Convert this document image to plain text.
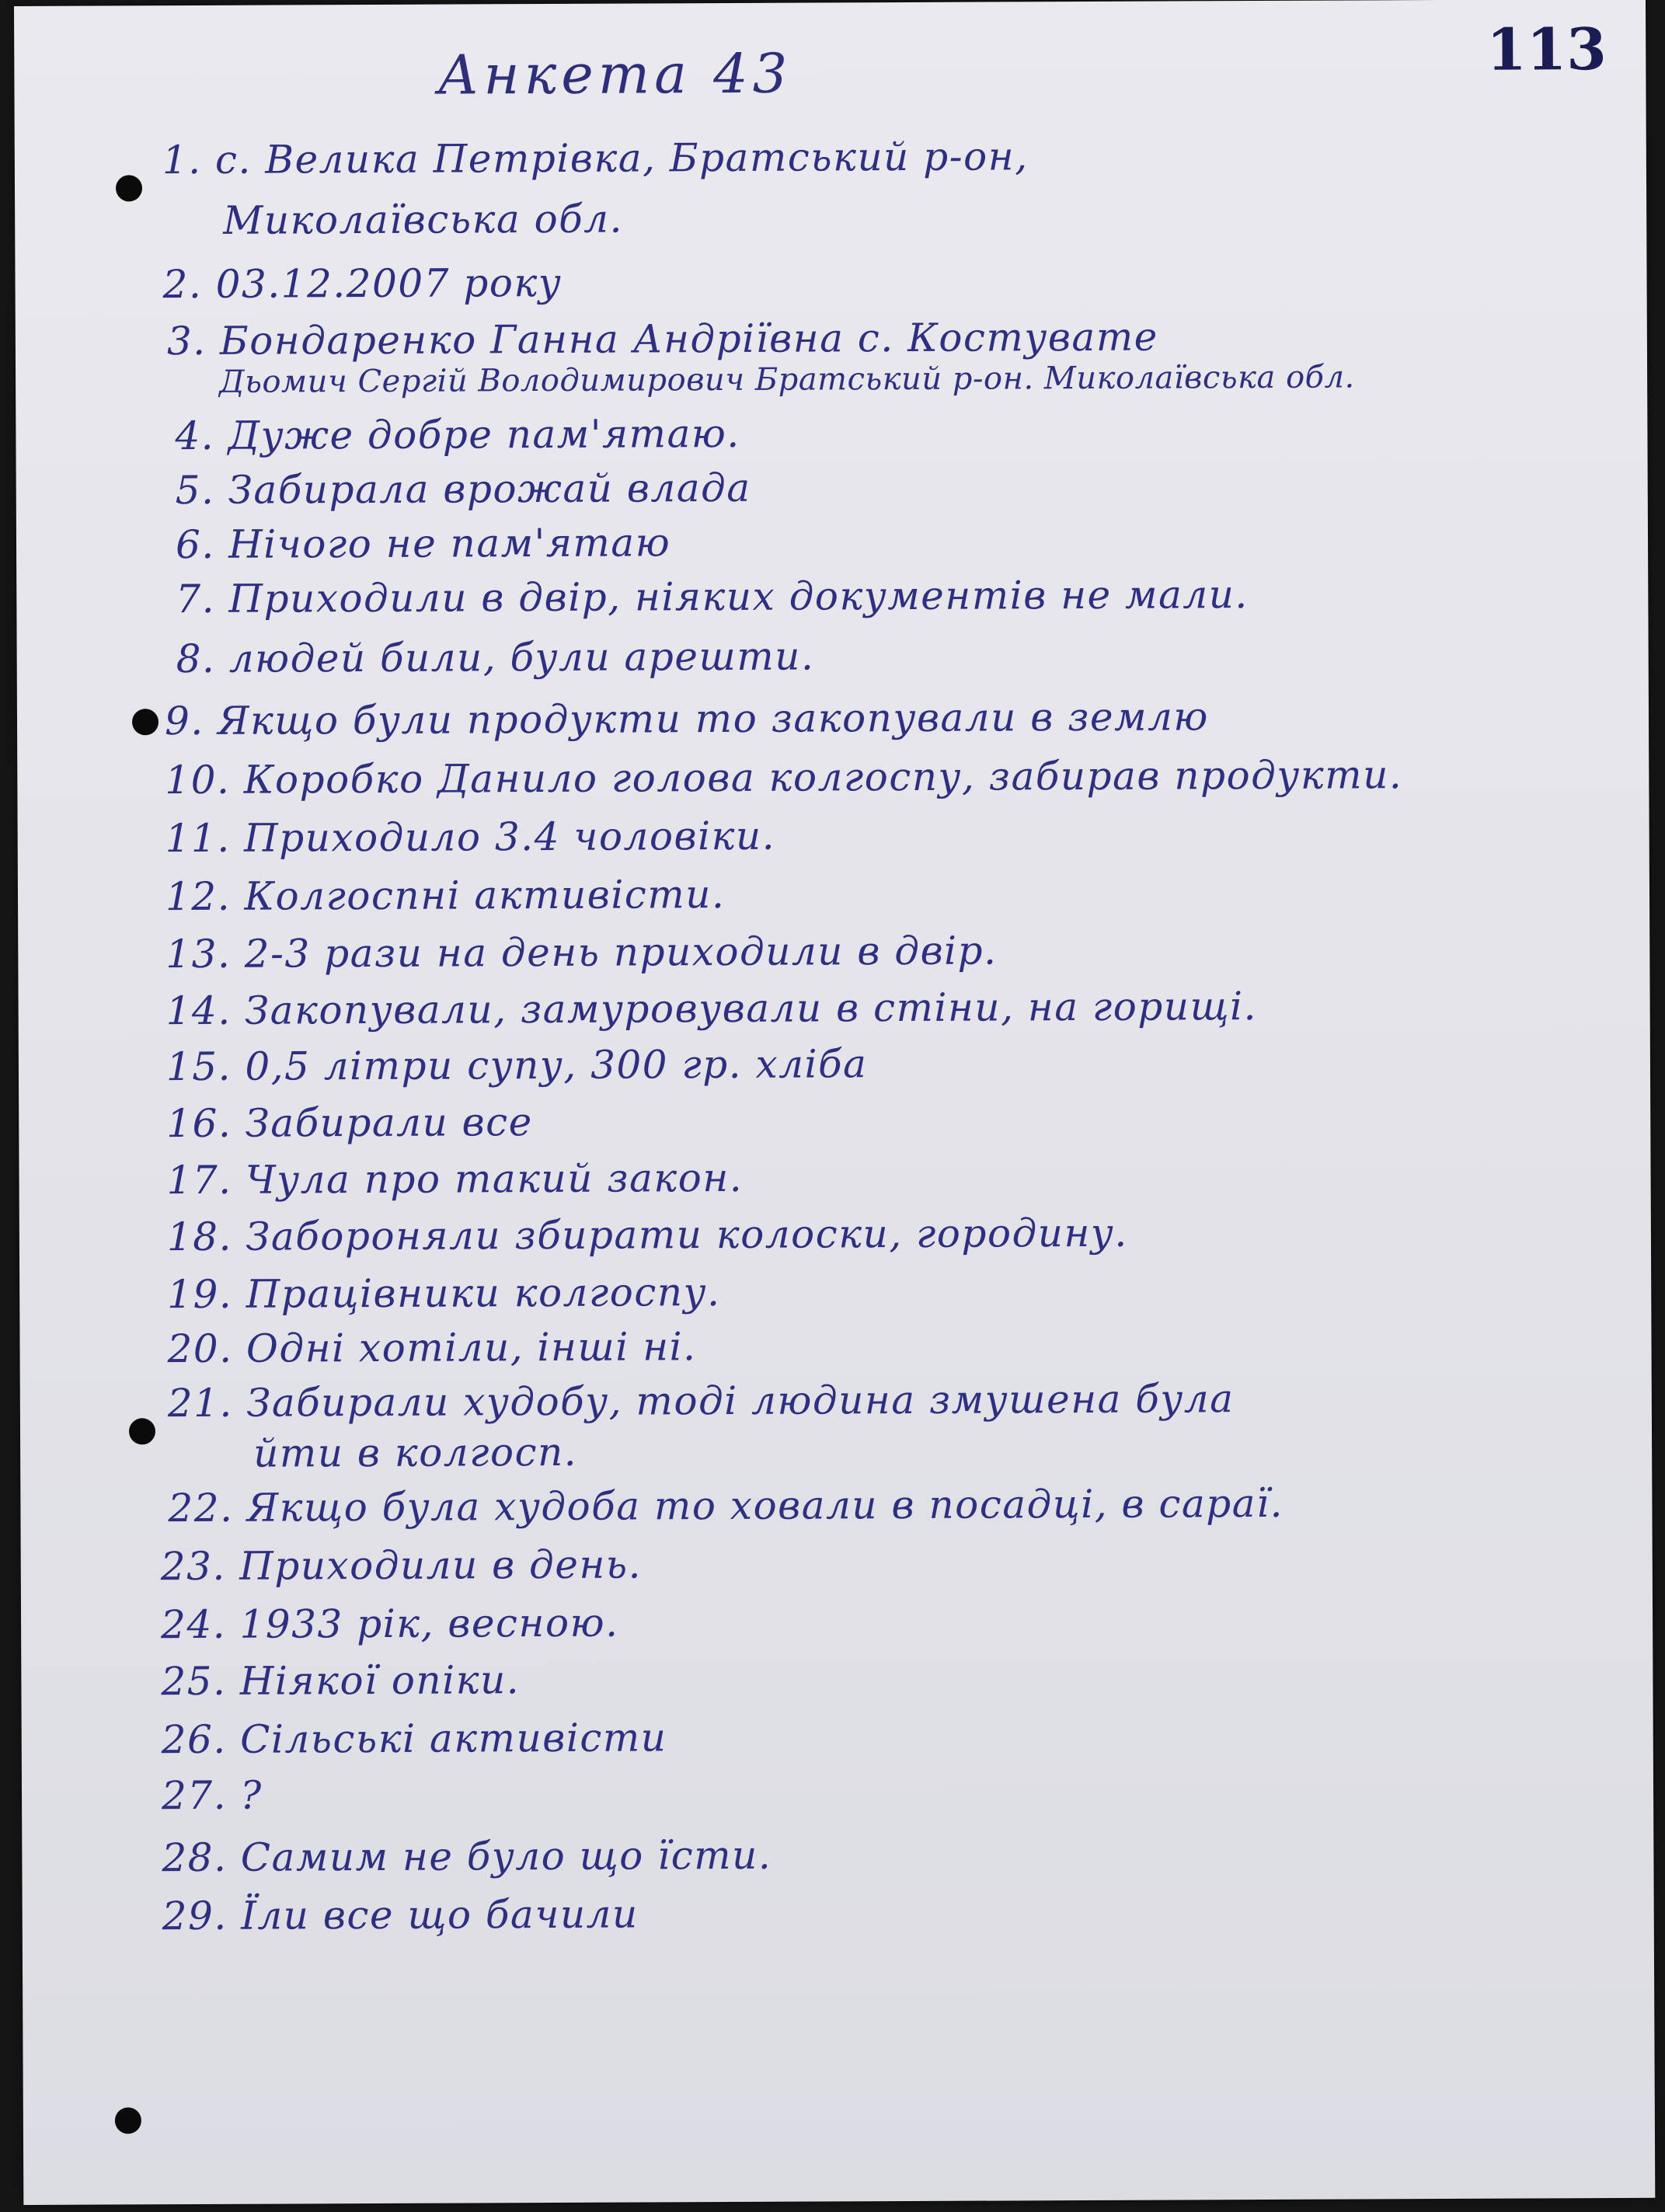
Анкета 43	113
1. с. Велика Петрівка, Братський р-он,
Миколаївська обл.
2. 03.12.2007 року
3. Бондаренко Ганна Андріївна с. Костувате
Дьомич Сергій Володимирович Братський р-он. Миколаївська обл.
4. Дуже добре пам'ятаю.
5. Забирала врожай влада
6. Нічого не пам'ятаю
7. Приходили в двір, ніяких документів не мали.
8. людей били, були арешти.
9. Якщо були продукти то закопували в землю
10. Коробко Данило голова колгоспу, забирав продукти.
11. Приходило 3.4 чоловіки.
12. Колгоспні активісти.
13. 2-3 рази на день приходили в двір.
14. Закопували, замуровували в стіни, на горищі.
15. 0,5 літри супу, 300 гр. хліба
16. Забирали все
17. Чула про такий закон.
18. Забороняли збирати колоски, городину.
19. Працівники колгоспу.
20. Одні хотіли, інші ні.
21. Забирали худобу, тоді людина змушена була
йти в колгосп.
22. Якщо була худоба то ховали в посадці, в сараї.
23. Приходили в день.
24. 1933 рік, весною.
25. Ніякої опіки.
26. Сільські активісти
27. ?
28. Самим не було що їсти.
29. Їли все що бачили
